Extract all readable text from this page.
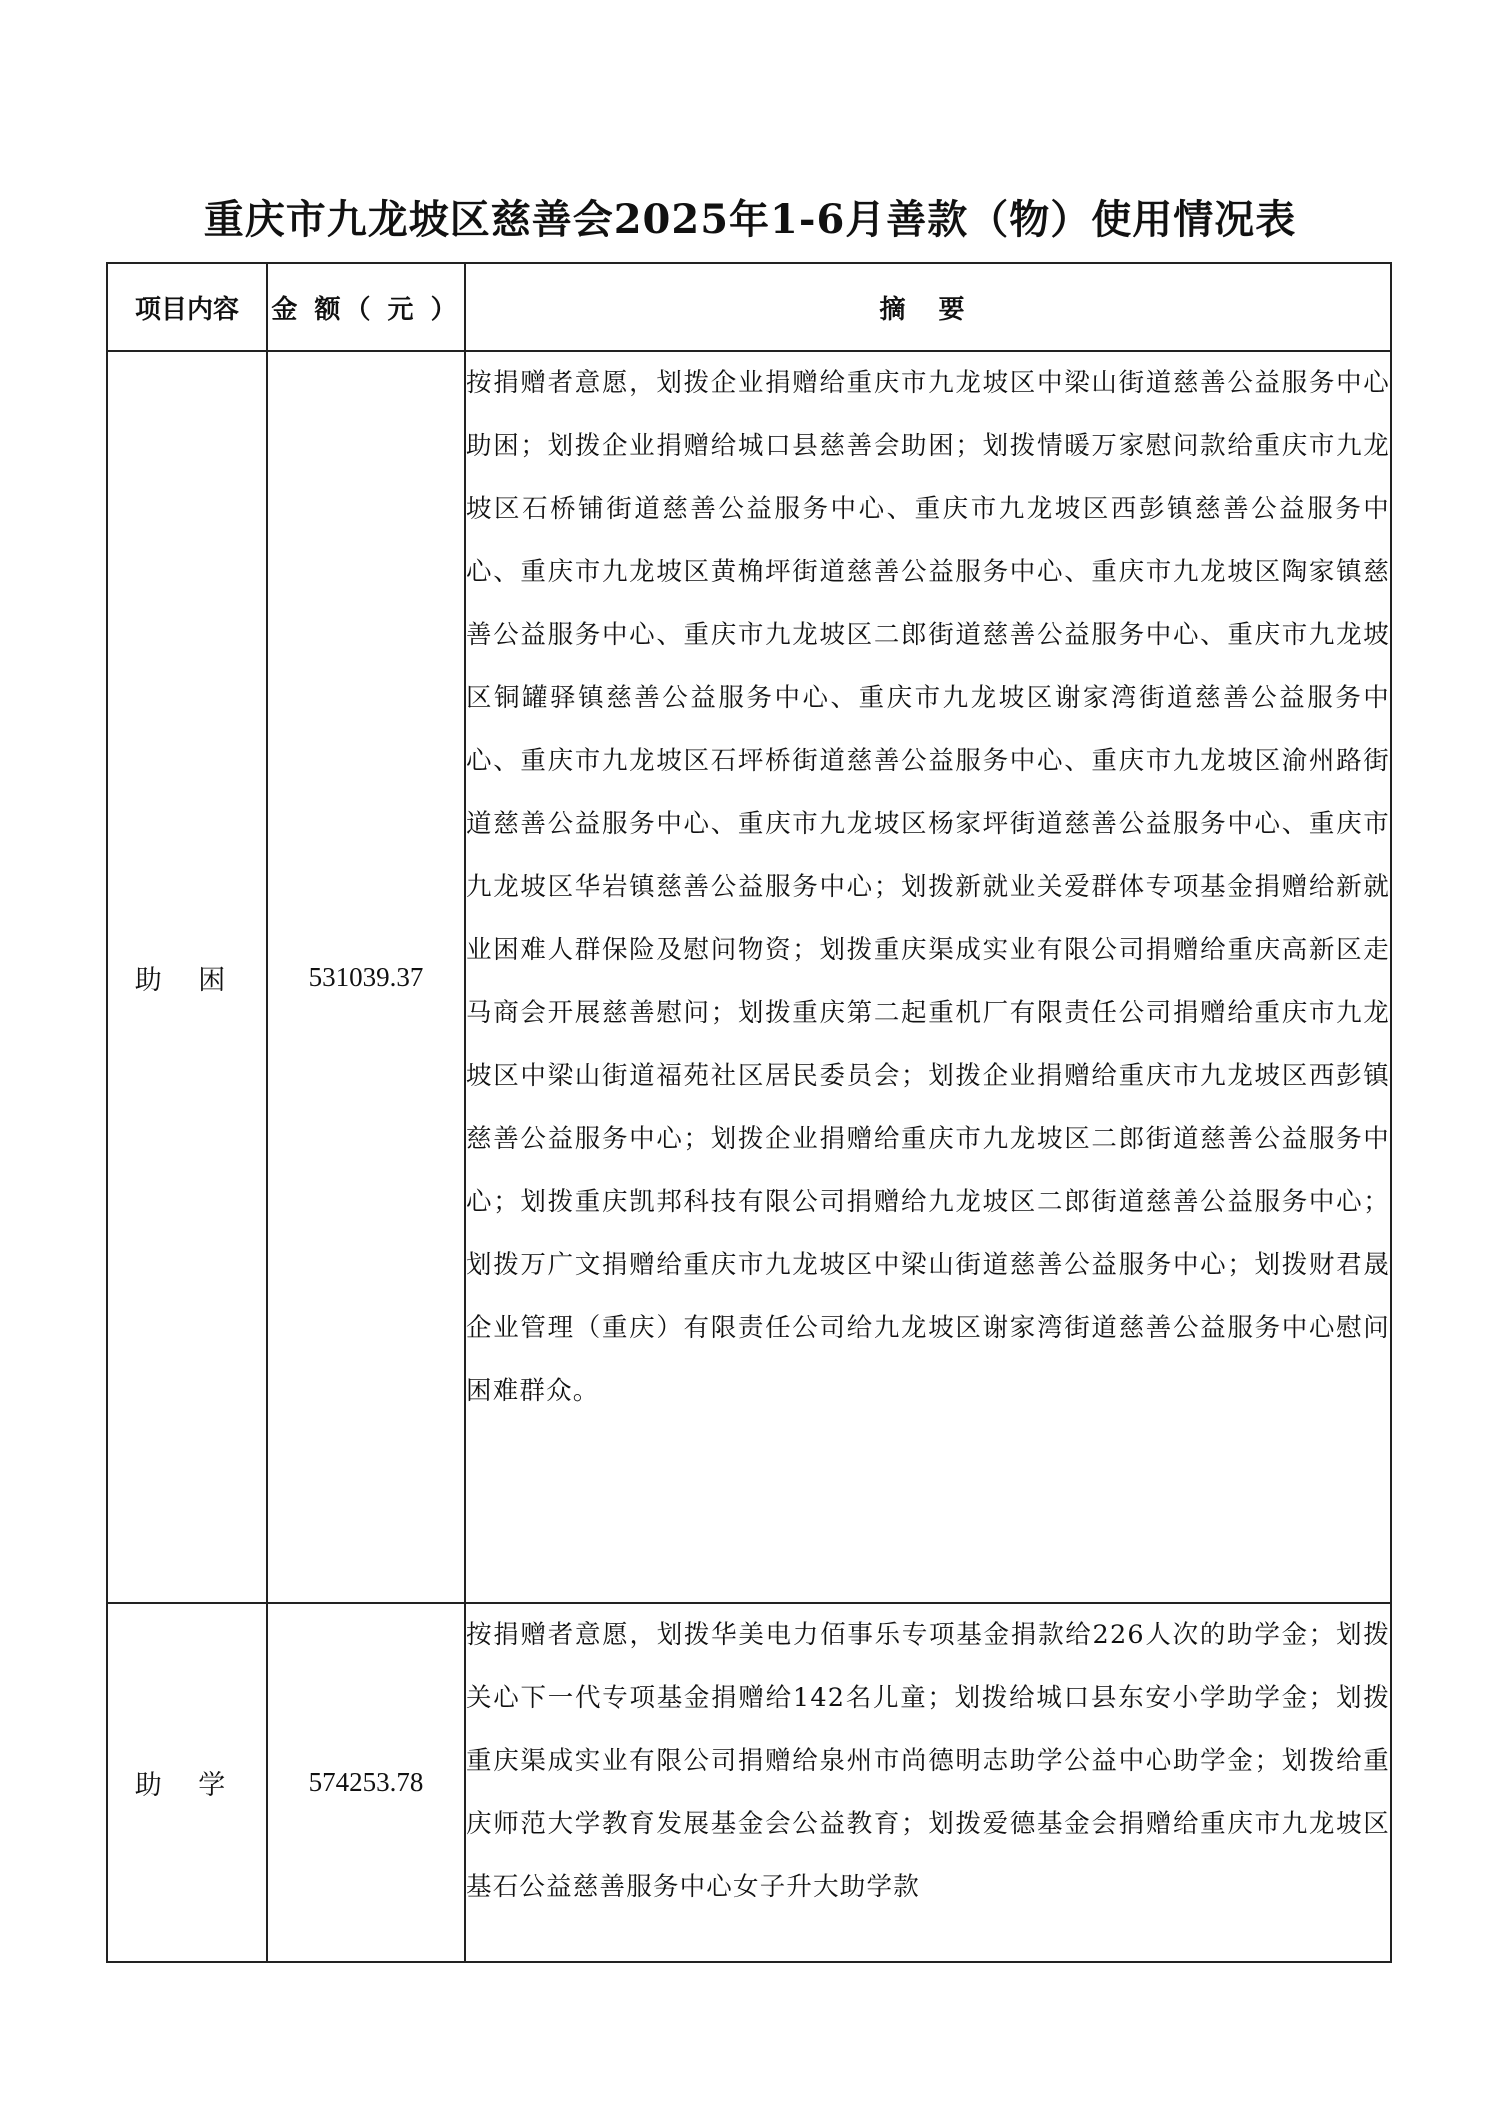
重庆市九龙坡区慈善会2025年1-6月善款（物）使用情况表
项目内容	金 额（ 元 ）	摘 要
助 困	531039.37	按捐赠者意愿，划拨企业捐赠给重庆市九龙坡区中梁山街道慈善公益服务中心助困；划拨企业捐赠给城口县慈善会助困；划拨情暖万家慰问款给重庆市九龙坡区石桥铺街道慈善公益服务中心、重庆市九龙坡区西彭镇慈善公益服务中心、重庆市九龙坡区黄桷坪街道慈善公益服务中心、重庆市九龙坡区陶家镇慈善公益服务中心、重庆市九龙坡区二郎街道慈善公益服务中心、重庆市九龙坡区铜罐驿镇慈善公益服务中心、重庆市九龙坡区谢家湾街道慈善公益服务中心、重庆市九龙坡区石坪桥街道慈善公益服务中心、重庆市九龙坡区渝州路街道慈善公益服务中心、重庆市九龙坡区杨家坪街道慈善公益服务中心、重庆市九龙坡区华岩镇慈善公益服务中心；划拨新就业关爱群体专项基金捐赠给新就业困难人群保险及慰问物资；划拨重庆渠成实业有限公司捐赠给重庆高新区走马商会开展慈善慰问；划拨重庆第二起重机厂有限责任公司捐赠给重庆市九龙坡区中梁山街道福苑社区居民委员会；划拨企业捐赠给重庆市九龙坡区西彭镇慈善公益服务中心；划拨企业捐赠给重庆市九龙坡区二郎街道慈善公益服务中心；划拨重庆凯邦科技有限公司捐赠给九龙坡区二郎街道慈善公益服务中心；划拨万广文捐赠给重庆市九龙坡区中梁山街道慈善公益服务中心；划拨财君晟企业管理（重庆）有限责任公司给九龙坡区谢家湾街道慈善公益服务中心慰问困难群众。
助 学	574253.78	按捐赠者意愿，划拨华美电力佰事乐专项基金捐款给226人次的助学金；划拨关心下一代专项基金捐赠给142名儿童；划拨给城口县东安小学助学金；划拨重庆渠成实业有限公司捐赠给泉州市尚德明志助学公益中心助学金；划拨给重庆师范大学教育发展基金会公益教育；划拨爱德基金会捐赠给重庆市九龙坡区基石公益慈善服务中心女子升大助学款
